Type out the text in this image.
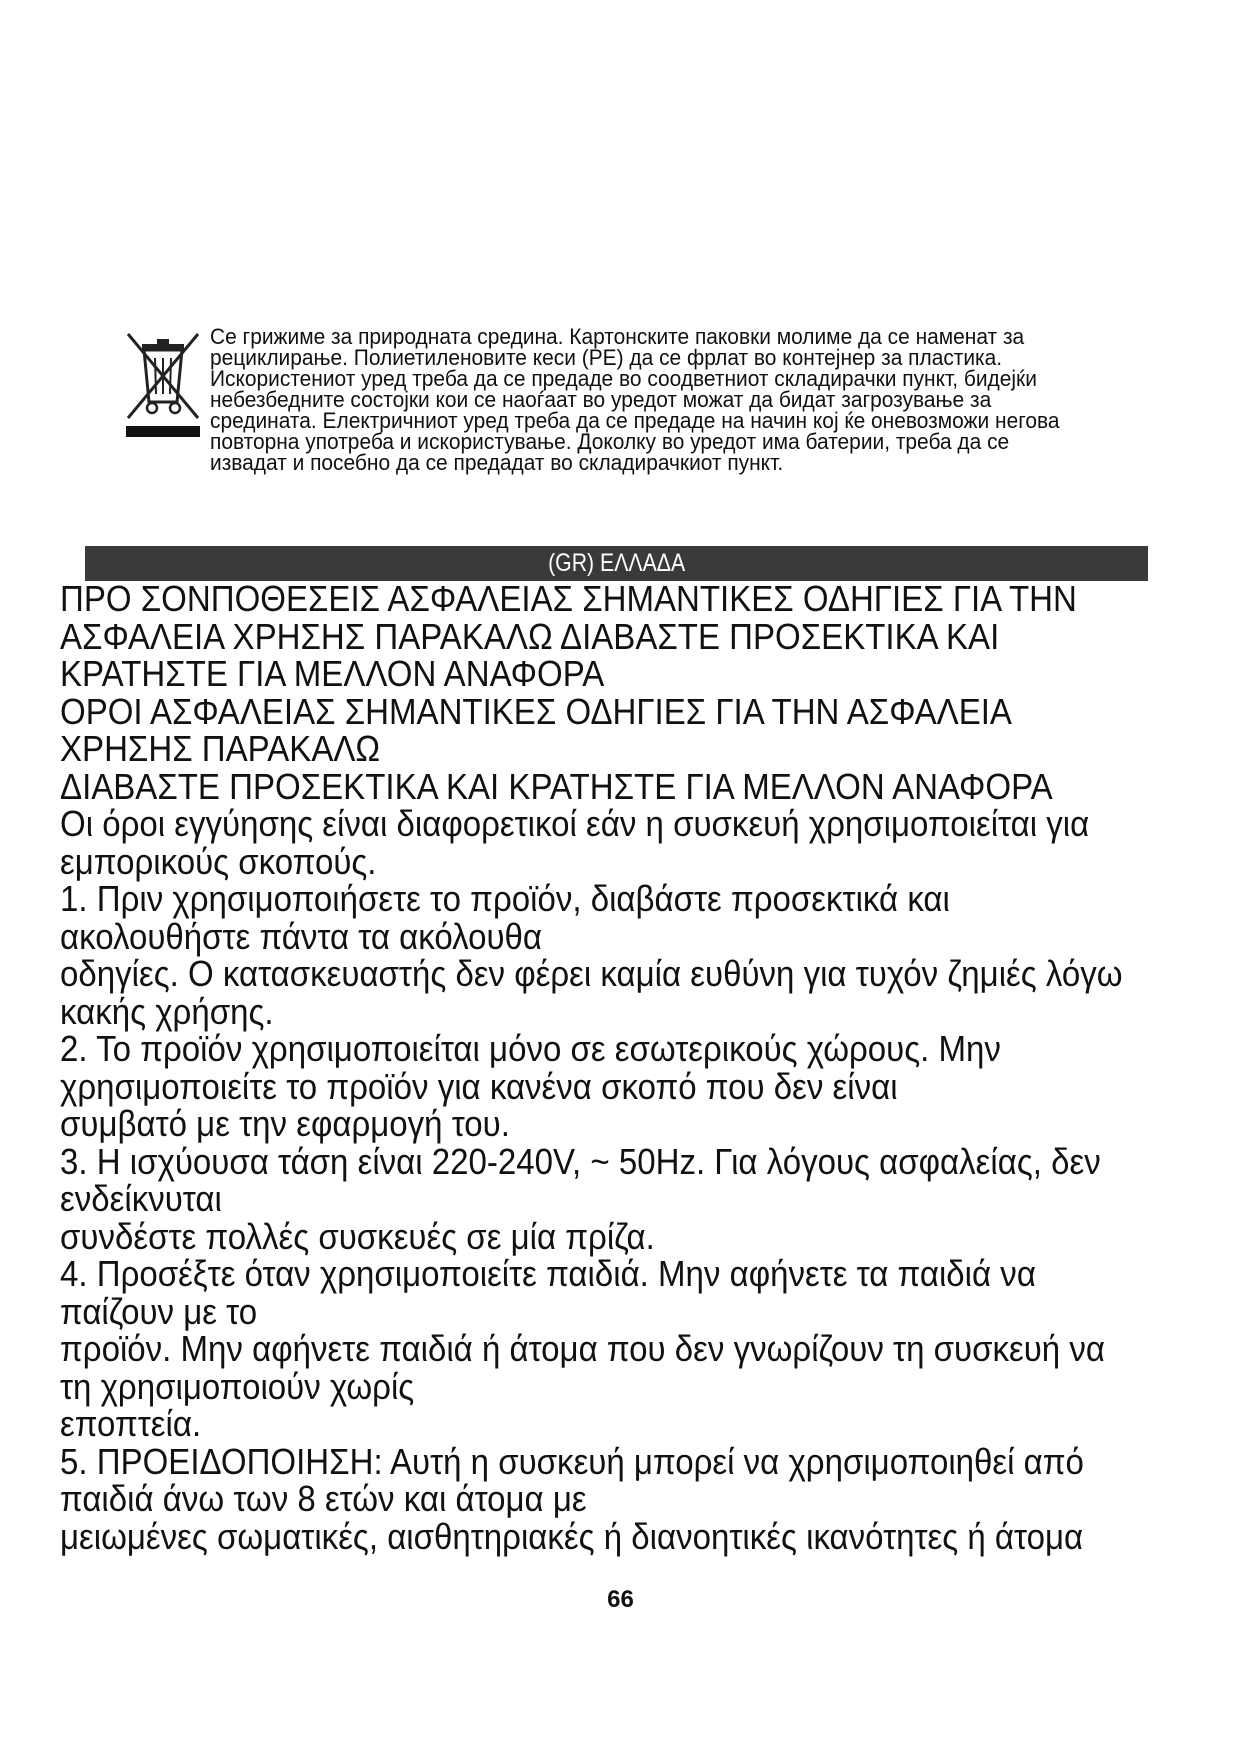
Се грижиме за природната средина. Картонските паковки молиме да се наменат за
рециклирање. Полиетиленовите кеси (PE) да се фрлат во контејнер за пластика.
Искористениот уред треба да се предаде во соодветниот складирачки пункт, бидејќи
небезбедните состојки кои се наоѓаат во уредот можат да бидат загрозување за
средината. Електричниот уред треба да се предаде на начин кој ќе оневозможи негова
повторна употреба и искористување. Доколку во уредот има батерии, треба да се
извадат и посебно да се предадат во складирачкиот пункт.
(GR) ΕΛΛΑΔΑ
ΠΡΟ ΣΟΝΠΟΘΕΣΕΙΣ ΑΣΦΑΛΕΙΑΣ ΣΗΜΑΝΤΙΚΕΣ ΟΔΗΓΙΕΣ ΓΙΑ ΤΗΝ
ΑΣΦΑΛΕΙΑ ΧΡΗΣΗΣ ΠΑΡΑΚΑΛΩ ΔΙΑΒΑΣΤΕ ΠΡΟΣΕΚΤΙΚΑ ΚΑΙ
ΚΡΑΤΗΣΤΕ ΓΙΑ ΜΕΛΛΟΝ ΑΝΑΦΟΡΑ
ΟΡΟΙ ΑΣΦΑΛΕΙΑΣ ΣΗΜΑΝΤΙΚΕΣ ΟΔΗΓΙΕΣ ΓΙΑ ΤΗΝ ΑΣΦΑΛΕΙΑ
ΧΡΗΣΗΣ ΠΑΡΑΚΑΛΩ
ΔΙΑΒΑΣΤΕ ΠΡΟΣΕΚΤΙΚΑ ΚΑΙ ΚΡΑΤΗΣΤΕ ΓΙΑ ΜΕΛΛΟΝ ΑΝΑΦΟΡΑ
Οι όροι εγγύησης είναι διαφορετικοί εάν η συσκευή χρησιμοποιείται για
εμπορικούς σκοπούς.
1. Πριν χρησιμοποιήσετε το προϊόν, διαβάστε προσεκτικά και
ακολουθήστε πάντα τα ακόλουθα
οδηγίες. Ο κατασκευαστής δεν φέρει καμία ευθύνη για τυχόν ζημιές λόγω
κακής χρήσης.
2. Το προϊόν χρησιμοποιείται μόνο σε εσωτερικούς χώρους. Μην
χρησιμοποιείτε το προϊόν για κανένα σκοπό που δεν είναι
συμβατό με την εφαρμογή του.
3. Η ισχύουσα τάση είναι 220-240V, ~ 50Hz. Για λόγους ασφαλείας, δεν
ενδείκνυται
συνδέστε πολλές συσκευές σε μία πρίζα.
4. Προσέξτε όταν χρησιμοποιείτε παιδιά. Μην αφήνετε τα παιδιά να
παίζουν με το
προϊόν. Μην αφήνετε παιδιά ή άτομα που δεν γνωρίζουν τη συσκευή να
τη χρησιμοποιούν χωρίς
εποπτεία.
5. ΠΡΟΕΙΔΟΠΟΙΗΣΗ: Αυτή η συσκευή μπορεί να χρησιμοποιηθεί από
παιδιά άνω των 8 ετών και άτομα με
μειωμένες σωματικές, αισθητηριακές ή διανοητικές ικανότητες ή άτομα
66
